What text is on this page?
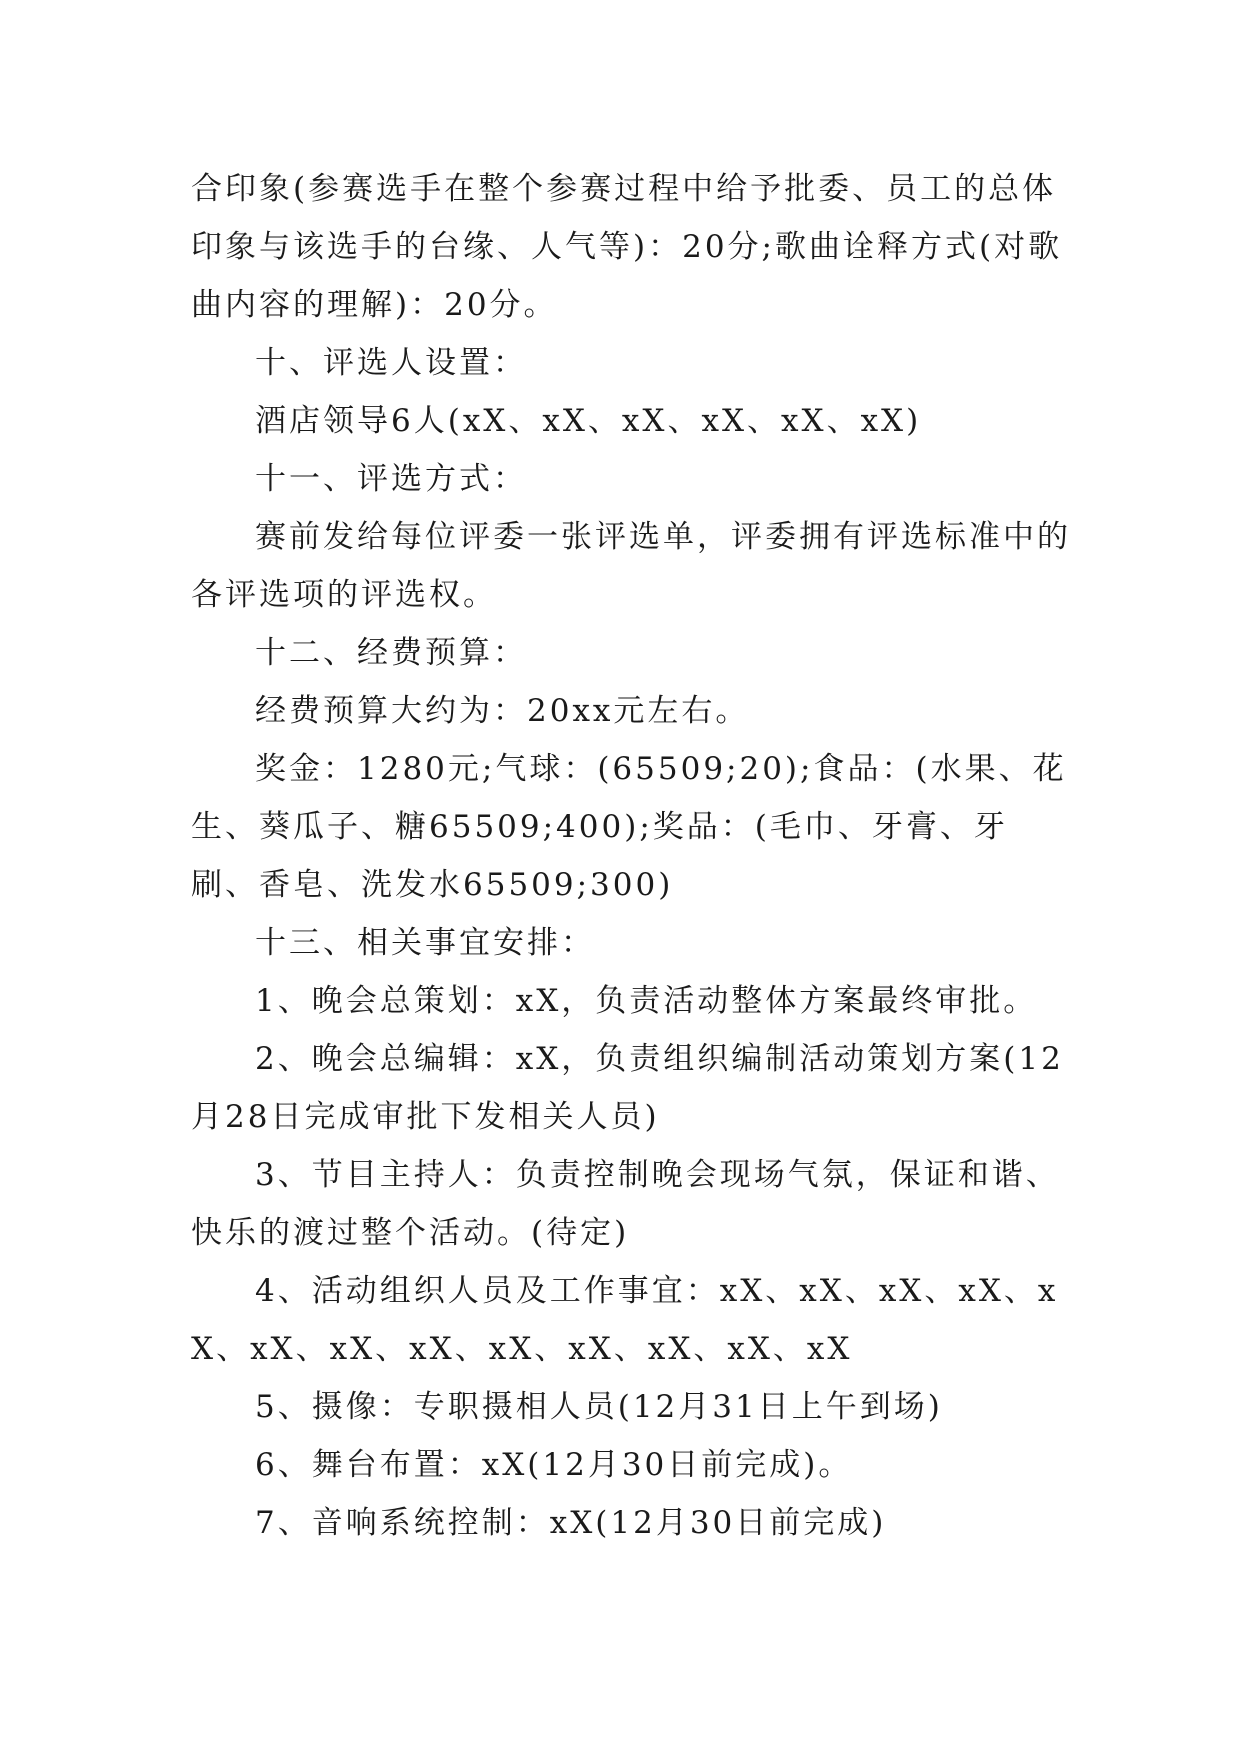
合印象(参赛选手在整个参赛过程中给予批委、员工的总体印象与该选手的台缘、人气等)：20分;歌曲诠释方式(对歌曲内容的理解)：20分。

十、评选人设置：

酒店领导6人(xX、xX、xX、xX、xX、xX)

十一、评选方式：

赛前发给每位评委一张评选单，评委拥有评选标准中的各评选项的评选权。

十二、经费预算：

经费预算大约为：20xx元左右。

奖金：1280元;气球：(65509;20);食品：(水果、花生、葵瓜子、糖65509;400);奖品：(毛巾、牙膏、牙刷、香皂、洗发水65509;300)

十三、相关事宜安排：

1、晚会总策划：xX，负责活动整体方案最终审批。

2、晚会总编辑：xX，负责组织编制活动策划方案(12月28日完成审批下发相关人员)

3、节目主持人：负责控制晚会现场气氛，保证和谐、快乐的渡过整个活动。(待定)

4、活动组织人员及工作事宜：xX、xX、xX、xX、xX、xX、xX、xX、xX、xX、xX、xX、xX

5、摄像：专职摄相人员(12月31日上午到场)

6、舞台布置：xX(12月30日前完成)。

7、音响系统控制：xX(12月30日前完成)
